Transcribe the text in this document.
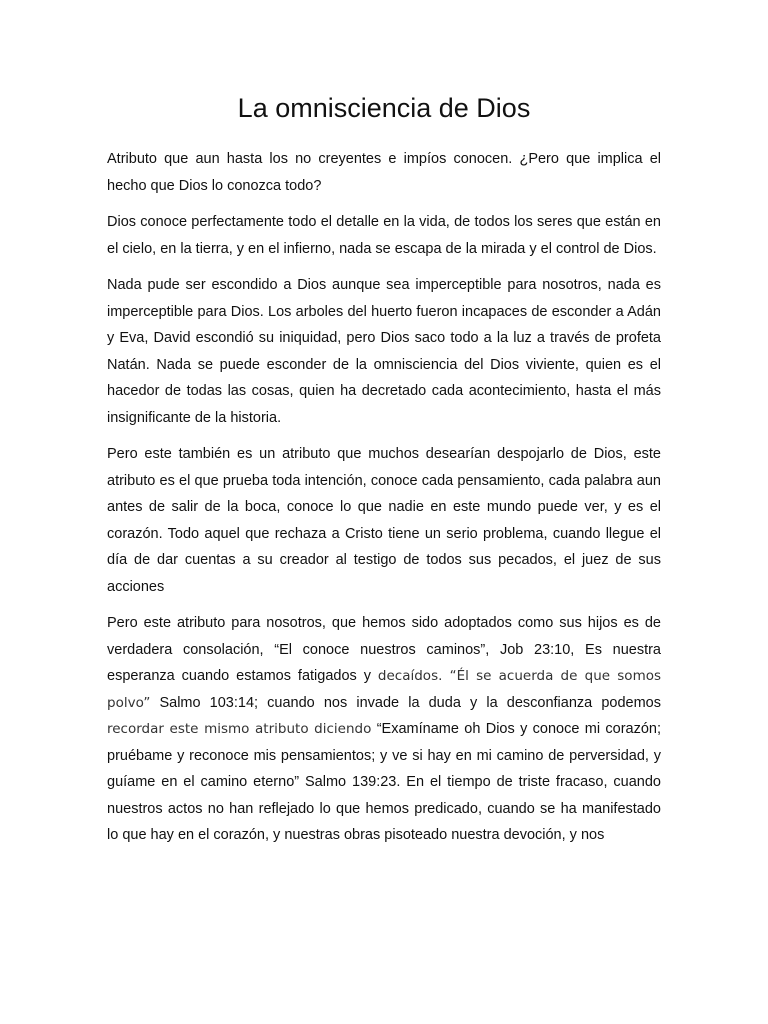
La omnisciencia de Dios

Atributo que aun hasta los no creyentes e impíos conocen. ¿Pero que implica el hecho que Dios lo conozca todo?

Dios conoce perfectamente todo el detalle en la vida, de todos los seres que están en el cielo, en la tierra, y en el infierno, nada se escapa de la mirada y el control de Dios.

Nada pude ser escondido a Dios aunque sea imperceptible para nosotros, nada es imperceptible para Dios. Los arboles del huerto fueron incapaces de esconder a Adán y Eva, David escondió su iniquidad, pero Dios saco todo a la luz a través de profeta Natán. Nada se puede esconder de la omnisciencia del Dios viviente, quien es el hacedor de todas las cosas, quien ha decretado cada acontecimiento, hasta el más insignificante de la historia.

Pero este también es un atributo que muchos desearían despojarlo de Dios, este atributo es el que prueba toda intención, conoce cada pensamiento, cada palabra aun antes de salir de la boca, conoce lo que nadie en este mundo puede ver, y es el corazón. Todo aquel que rechaza a Cristo tiene un serio problema, cuando llegue el día de dar cuentas a su creador al testigo de todos sus pecados, el juez de sus acciones

Pero este atributo para nosotros, que hemos sido adoptados como sus hijos es de verdadera consolación, “El conoce nuestros caminos”, Job 23:10, Es nuestra esperanza cuando estamos fatigados y decaídos. “Él se acuerda de que somos polvo” Salmo 103:14; cuando nos invade la duda y la desconfianza podemos recordar este mismo atributo diciendo “Examíname oh Dios y conoce mi corazón; pruébame y reconoce mis pensamientos; y ve si hay en mi camino de perversidad, y guíame en el camino eterno” Salmo 139:23. En el tiempo de triste fracaso, cuando nuestros actos no han reflejado lo que hemos predicado, cuando se ha manifestado lo que hay en el corazón, y nuestras obras pisoteado nuestra devoción, y nos
